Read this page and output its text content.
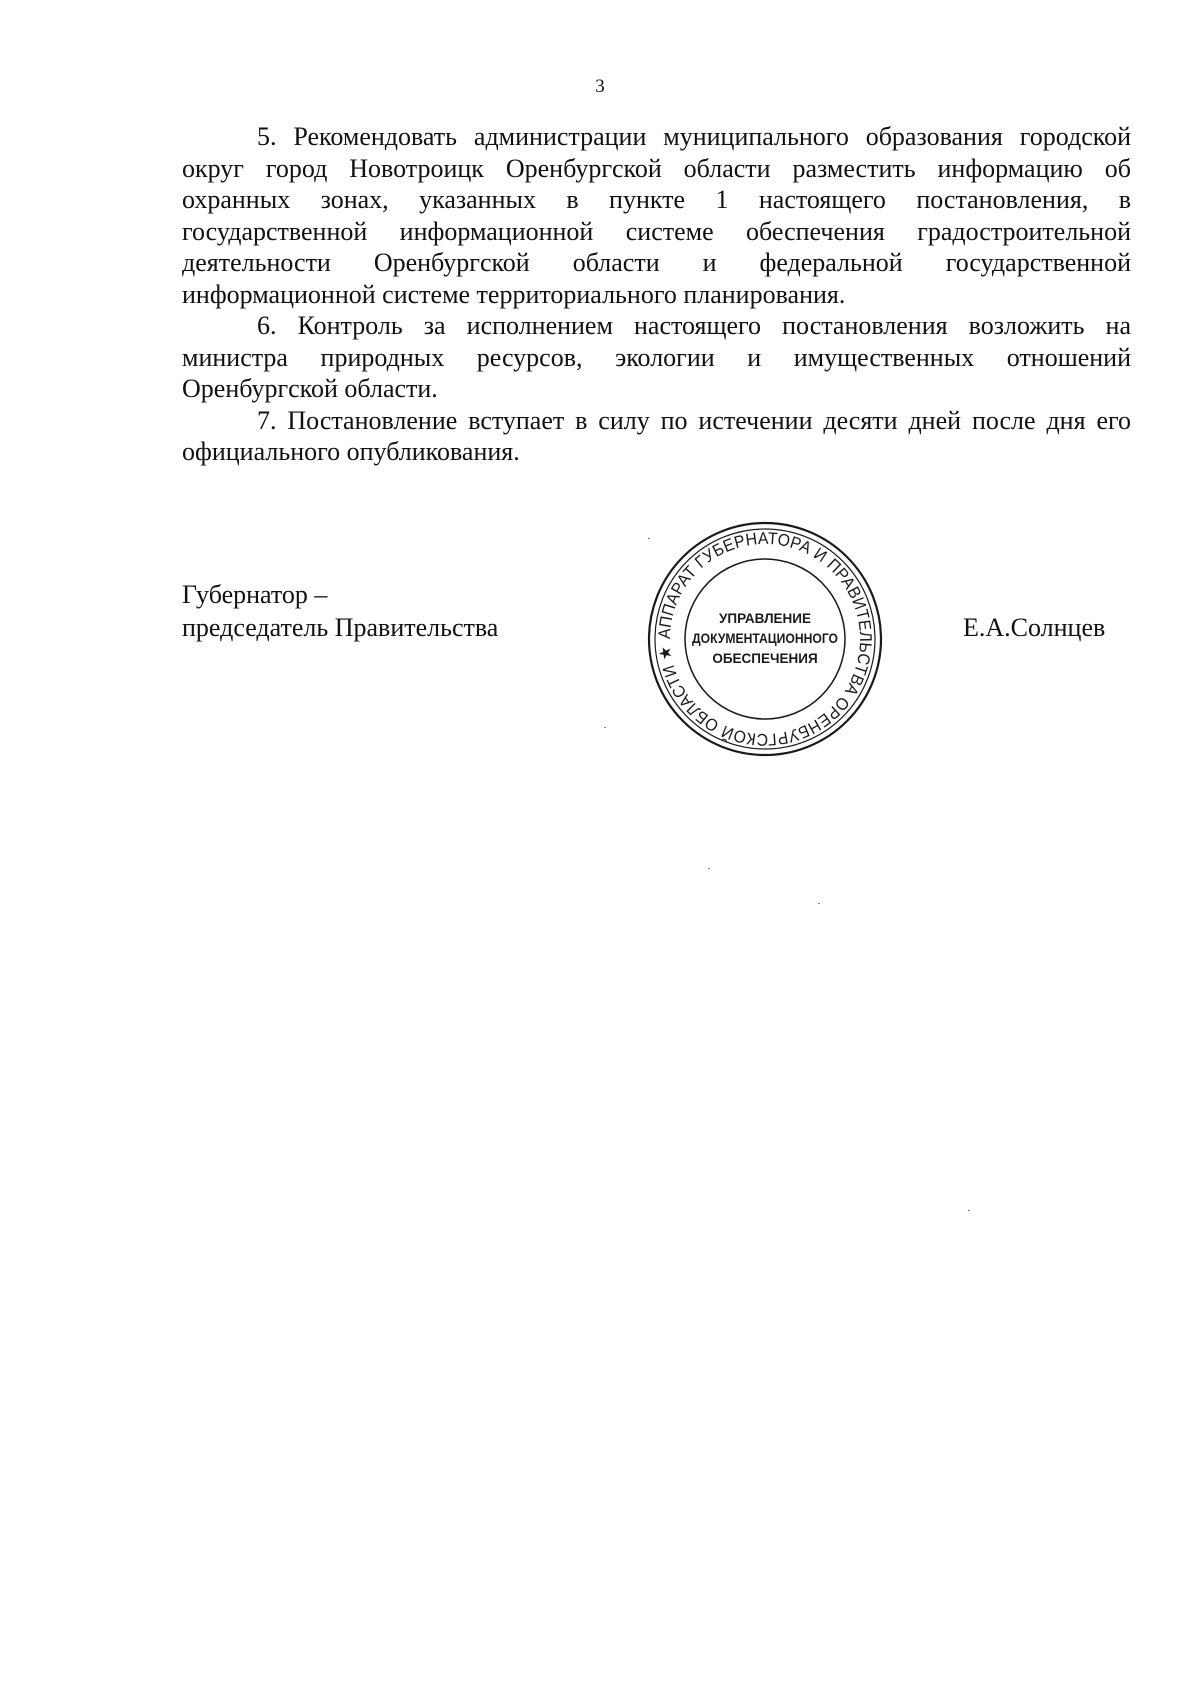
3

5. Рекомендовать администрации муниципального образования городской округ город Новотроицк Оренбургской области разместить информацию об охранных зонах, указанных в пункте 1 настоящего постановления, в государственной информационной системе обеспечения градостроительной деятельности Оренбургской области и федеральной государственной информационной системе территориального планирования.

6. Контроль за исполнением настоящего постановления возложить на министра природных ресурсов, экологии и имущественных отношений Оренбургской области.

7. Постановление вступает в силу по истечении десяти дней после дня его официального опубликования.

Губернатор –
председатель Правительства	АППАРАТ ГУБЕРНАТОРА И ПРАВИТЕЛЬСТВА ОРЕНБУРГСКОЙ ОБЛАСТИ ★
УПРАВЛЕНИЕ
ДОКУМЕНТАЦИОННОГО
ОБЕСПЕЧЕНИЯ
Е.А.Солнцев
